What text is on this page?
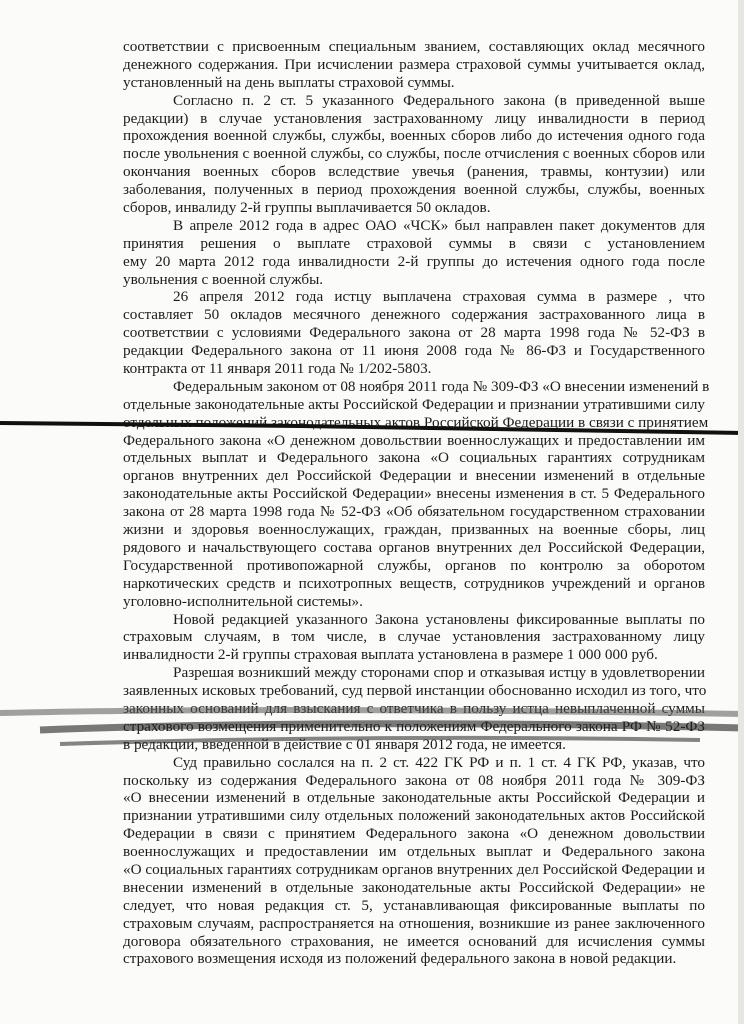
соответствии с присвоенным специальным званием, составляющих оклад месячного
денежного содержания. При исчислении размера страховой суммы учитывается оклад,
установленный на день выплаты страховой суммы.
Согласно п. 2 ст. 5 указанного Федерального закона (в приведенной выше
редакции) в случае установления застрахованному лицу инвалидности в период
прохождения военной службы, службы, военных сборов либо до истечения одного года
после увольнения с военной службы, со службы, после отчисления с военных сборов или
окончания военных сборов вследствие увечья (ранения, травмы, контузии) или
заболевания, полученных в период прохождения военной службы, службы, военных
сборов, инвалиду 2-й группы выплачивается 50 окладов.
В апреле 2012 года в адрес ОАО «ЧСК» был направлен пакет документов для
принятия решения о выплате страховой суммы в связи с установлением
ему 20 марта 2012 года инвалидности 2-й группы до истечения одного года после
увольнения с военной службы.
26 апреля 2012 года истцу выплачена страховая сумма в размере , что
составляет 50 окладов месячного денежного содержания застрахованного лица в
соответствии с условиями Федерального закона от 28 марта 1998 года № 52-ФЗ в
редакции Федерального закона от 11 июня 2008 года № 86-ФЗ и Государственного
контракта от 11 января 2011 года № 1/202-5803.
Федеральным законом от 08 ноября 2011 года № 309-ФЗ «О внесении изменений в
отдельные законодательные акты Российской Федерации и признании утратившими силу
отдельных положений законодательных актов Российской Федерации в связи с принятием
Федерального закона «О денежном довольствии военнослужащих и предоставлении им
отдельных выплат и Федерального закона «О социальных гарантиях сотрудникам
органов внутренних дел Российской Федерации и внесении изменений в отдельные
законодательные акты Российской Федерации» внесены изменения в ст. 5 Федерального
закона от 28 марта 1998 года № 52-ФЗ «Об обязательном государственном страховании
жизни и здоровья военнослужащих, граждан, призванных на военные сборы, лиц
рядового и начальствующего состава органов внутренних дел Российской Федерации,
Государственной противопожарной службы, органов по контролю за оборотом
наркотических средств и психотропных веществ, сотрудников учреждений и органов
уголовно-исполнительной системы».
Новой редакцией указанного Закона установлены фиксированные выплаты по
страховым случаям, в том числе, в случае установления застрахованному лицу
инвалидности 2-й группы страховая выплата установлена в размере 1 000 000 руб.
Разрешая возникший между сторонами спор и отказывая истцу в удовлетворении
заявленных исковых требований, суд первой инстанции обоснованно исходил из того, что
законных оснований для взыскания с ответчика в пользу истца невыплаченной суммы
страхового возмещения применительно к положениям Федерального закона РФ № 52-ФЗ
в редакции, введенной в действие с 01 января 2012 года, не имеется.
Суд правильно сослался на п. 2 ст. 422 ГК РФ и п. 1 ст. 4 ГК РФ, указав, что
поскольку из содержания Федерального закона от 08 ноября 2011 года № 309-ФЗ
«О внесении изменений в отдельные законодательные акты Российской Федерации и
признании утратившими силу отдельных положений законодательных актов Российской
Федерации в связи с принятием Федерального закона «О денежном довольствии
военнослужащих и предоставлении им отдельных выплат и Федерального закона
«О социальных гарантиях сотрудникам органов внутренних дел Российской Федерации и
внесении изменений в отдельные законодательные акты Российской Федерации» не
следует, что новая редакция ст. 5, устанавливающая фиксированные выплаты по
страховым случаям, распространяется на отношения, возникшие из ранее заключенного
договора обязательного страхования, не имеется оснований для исчисления суммы
страхового возмещения исходя из положений федерального закона в новой редакции.
